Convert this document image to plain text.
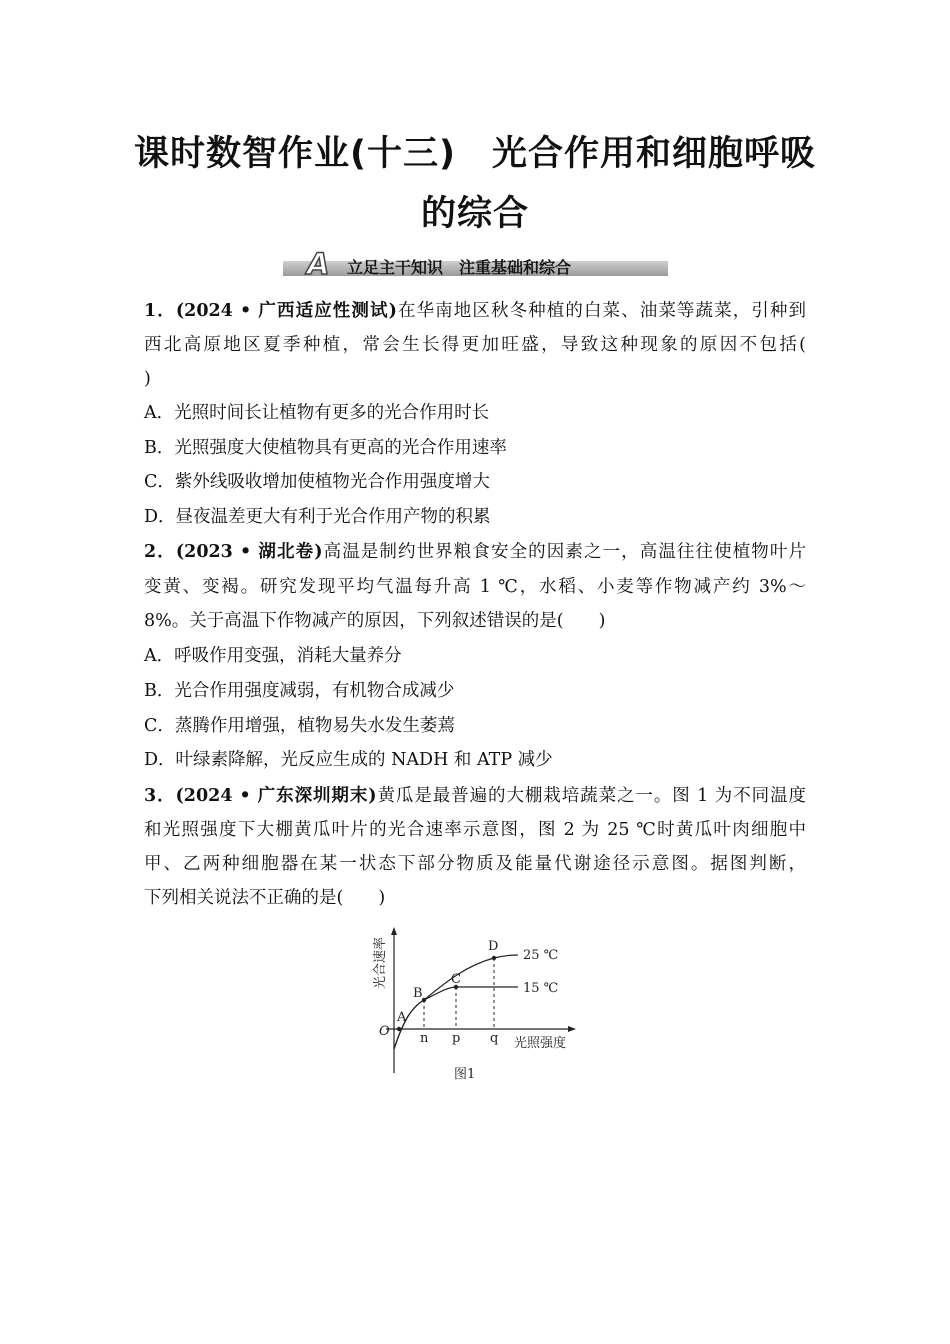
课时数智作业(十三)　光合作用和细胞呼吸
的综合
A	立足主干知识　注重基础和综合
1．(2024 • 广西适应性测试)在华南地区秋冬种植的白菜、油菜等蔬菜，引种到
西北高原地区夏季种植，常会生长得更加旺盛，导致这种现象的原因不包括(
)
A．光照时间长让植物有更多的光合作用时长
B．光照强度大使植物具有更高的光合作用速率
C．紫外线吸收增加使植物光合作用强度增大
D．昼夜温差更大有利于光合作用产物的积累
2．(2023 • 湖北卷)高温是制约世界粮食安全的因素之一，高温往往使植物叶片
变黄、变褐。研究发现平均气温每升高 1 ℃，水稻、小麦等作物减产约 3%～
8%。关于高温下作物减产的原因，下列叙述错误的是(　　)
A．呼吸作用变强，消耗大量养分
B．光合作用强度减弱，有机物合成减少
C．蒸腾作用增强，植物易失水发生萎蔫
D．叶绿素降解，光反应生成的 NADH 和 ATP 减少
3．(2024 • 广东深圳期末)黄瓜是最普遍的大棚栽培蔬菜之一。图 1 为不同温度
和光照强度下大棚黄瓜叶片的光合速率示意图，图 2 为 25 ℃时黄瓜叶肉细胞中
甲、乙两种细胞器在某一状态下部分物质及能量代谢途径示意图。据图判断，
下列相关说法不正确的是(　　)
A
B
C
D
O n p q
25 ℃
15 ℃
光照强度
光合速率
图1
